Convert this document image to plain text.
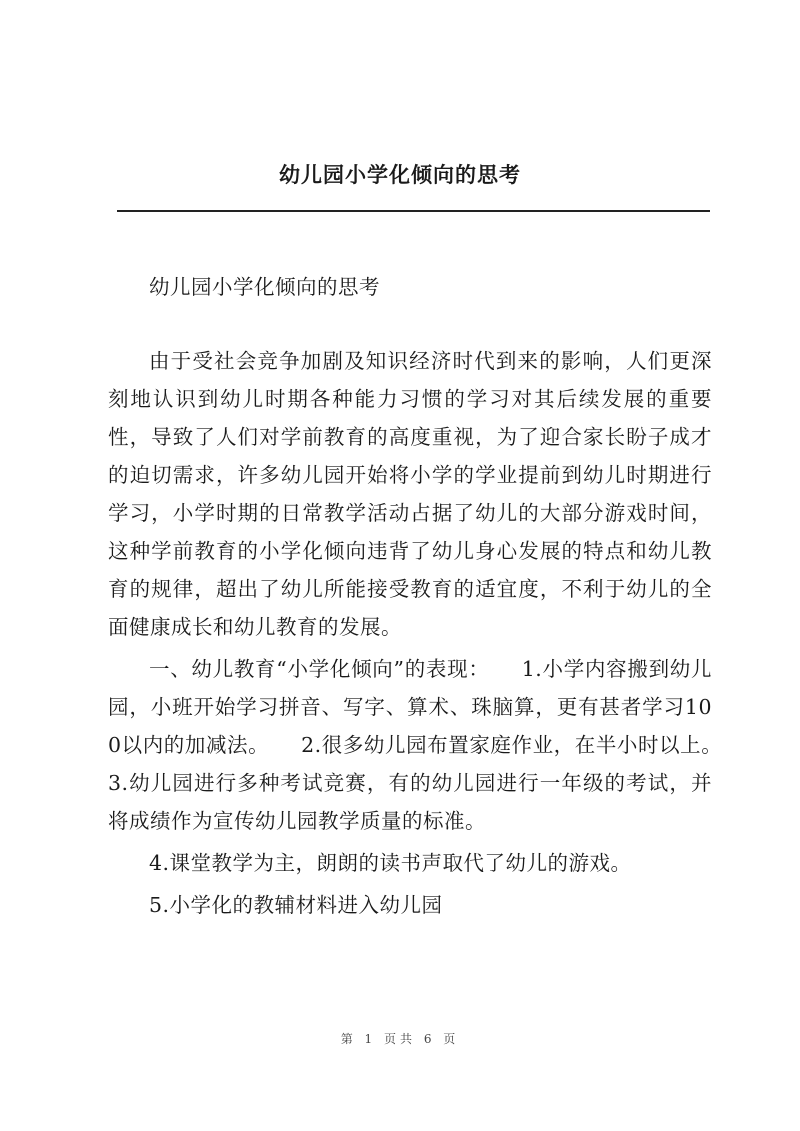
幼儿园小学化倾向的思考

幼儿园小学化倾向的思考

由于受社会竞争加剧及知识经济时代到来的影响，人们更深刻地认识到幼儿时期各种能力习惯的学习对其后续发展的重要性，导致了人们对学前教育的高度重视，为了迎合家长盼子成才的迫切需求，许多幼儿园开始将小学的学业提前到幼儿时期进行学习，小学时期的日常教学活动占据了幼儿的大部分游戏时间，这种学前教育的小学化倾向违背了幼儿身心发展的特点和幼儿教育的规律，超出了幼儿所能接受教育的适宜度，不利于幼儿的全面健康成长和幼儿教育的发展。

一、幼儿教育“小学化倾向”的表现：　　1.小学内容搬到幼儿园，小班开始学习拼音、写字、算术、珠脑算，更有甚者学习100以内的加减法。　　2.很多幼儿园布置家庭作业，在半小时以上。　　3.幼儿园进行多种考试竞赛，有的幼儿园进行一年级的考试，并将成绩作为宣传幼儿园教学质量的标准。

4.课堂教学为主，朗朗的读书声取代了幼儿的游戏。

5.小学化的教辅材料进入幼儿园

第 1 页共 6 页
